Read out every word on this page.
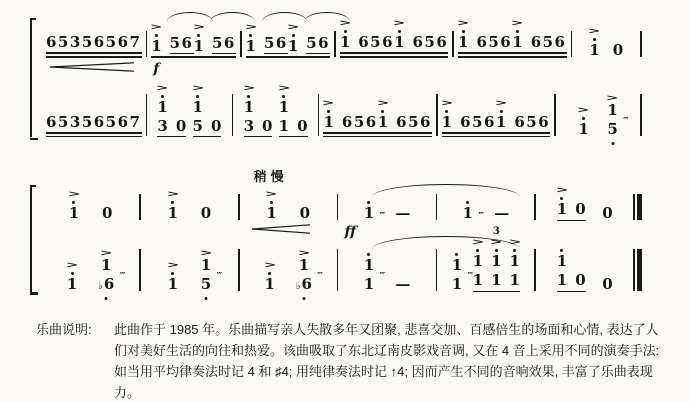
6535 6567
f
>
1 56
>
1 56
>
1 56
>
1 56
>
1 656
>
1 656
>
1 656
>
1 656
>
1 0
6535 6567
>
1
3 0
>
1
5 0
>
1
3 0
>
1
1 0
>
1 656
>
1 656
>
1 656
>
1 656
>
1
>
1
5 ‴
>
1 0
>
1 0
稍慢
>
1 0
ff
1 ‴ —	1 ‴ —
>
1 0 0
>
1
>
1
♭ 6 ‴
>
1
>
1
5 ‴
>
1
>
1
♭ 6 ‴
1
1 ‴ —
1
1 ‴
3
>
1
1
>
1
1
>
1
1
1
1 0 0
乐曲说明:	此曲作于 1985 年。乐曲描写亲人失散多年又团聚, 悲喜交加、百感倍生的场面和心情, 表达了人
们对美好生活的向往和热爱。该曲吸取了东北辽南皮影戏音调, 又在 4 音上采用不同的演奏手法:
如当用平均律奏法时记 4 和 ♯4; 用纯律奏法时记 ↑4; 因而产生不同的音响效果, 丰富了乐曲表现
力。
